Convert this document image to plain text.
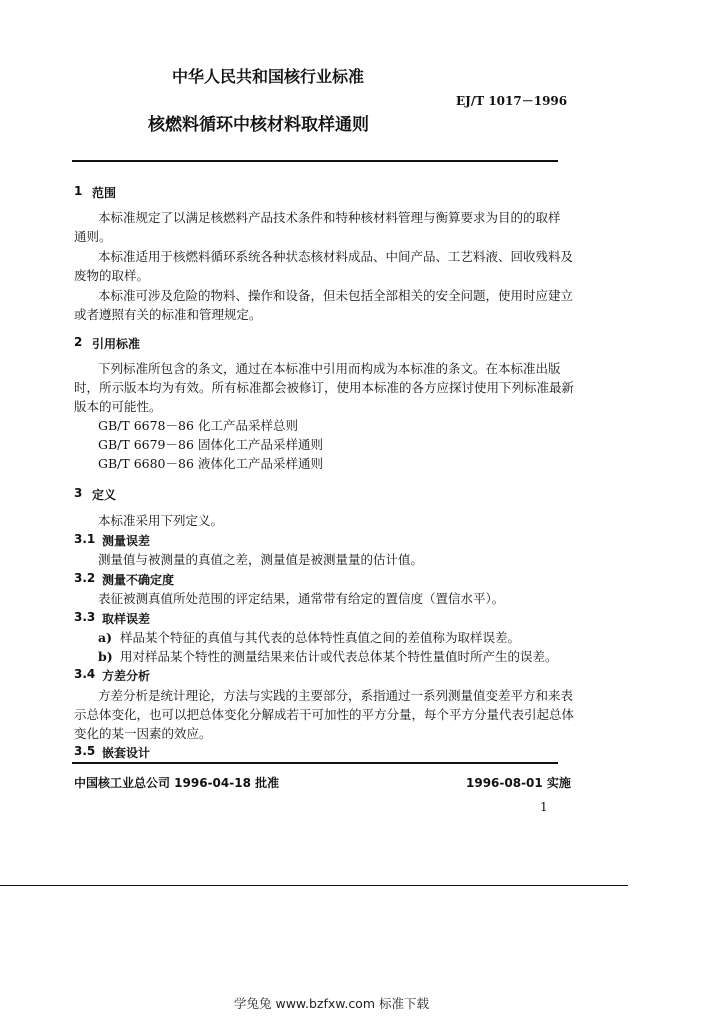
中华人民共和国核行业标准
EJ/T 1017－1996
核燃料循环中核材料取样通则
1 范围
本标准规定了以满足核燃料产品技术条件和特种核材料管理与衡算要求为目的的取样
通则。
本标准适用于核燃料循环系统各种状态核材料成品、中间产品、工艺料液、回收残料及
废物的取样。
本标准可涉及危险的物料、操作和设备，但未包括全部相关的安全问题，使用时应建立
或者遵照有关的标准和管理规定。
2 引用标准
下列标准所包含的条文，通过在本标准中引用而构成为本标准的条文。在本标准出版
时，所示版本均为有效。所有标准都会被修订，使用本标准的各方应探讨使用下列标准最新
版本的可能性。
GB/T 6678－86 化工产品采样总则
GB/T 6679－86 固体化工产品采样通则
GB/T 6680－86 液体化工产品采样通则
3 定义
本标准采用下列定义。
3.1 测量误差
测量值与被测量的真值之差，测量值是被测量量的估计值。
3.2 测量不确定度
表征被测真值所处范围的评定结果，通常带有给定的置信度（置信水平）。
3.3 取样误差
a) 样品某个特征的真值与其代表的总体特性真值之间的差值称为取样误差。
b) 用对样品某个特性的测量结果来估计或代表总体某个特性量值时所产生的误差。
3.4 方差分析
方差分析是统计理论，方法与实践的主要部分，系指通过一系列测量值变差平方和来表
示总体变化，也可以把总体变化分解成若干可加性的平方分量，每个平方分量代表引起总体
变化的某一因素的效应。
3.5 嵌套设计
中国核工业总公司 1996-04-18 批准	1996-08-01 实施
1
学兔兔 www.bzfxw.com 标准下载
